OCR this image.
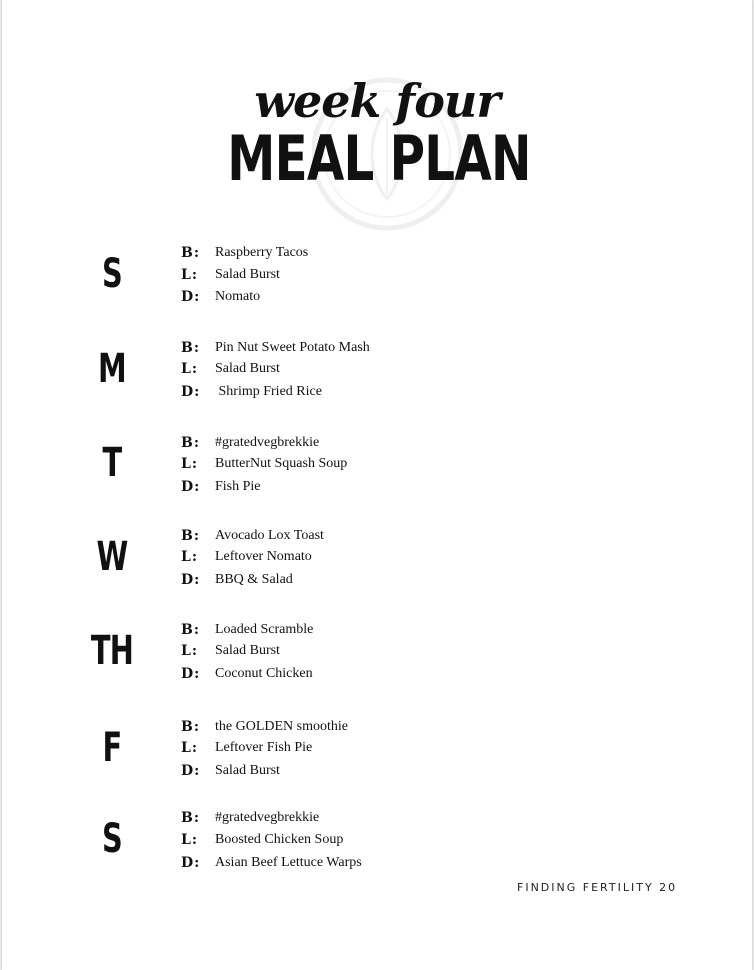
week four
MEAL PLAN
S	B: Raspberry Tacos
L: Salad Burst
D: Nomato
M	B: Pin Nut Sweet Potato Mash
L: Salad Burst
D: Shrimp Fried Rice
T	B: #gratedvegbrekkie
L: ButterNut Squash Soup
D: Fish Pie
W	B: Avocado Lox Toast
L: Leftover Nomato
D: BBQ & Salad
TH	B: Loaded Scramble
L: Salad Burst
D: Coconut Chicken
F	B: the GOLDEN smoothie
L: Leftover Fish Pie
D: Salad Burst
S	B: #gratedvegbrekkie
L: Boosted Chicken Soup
D: Asian Beef Lettuce Warps
FINDING FERTILITY 20
